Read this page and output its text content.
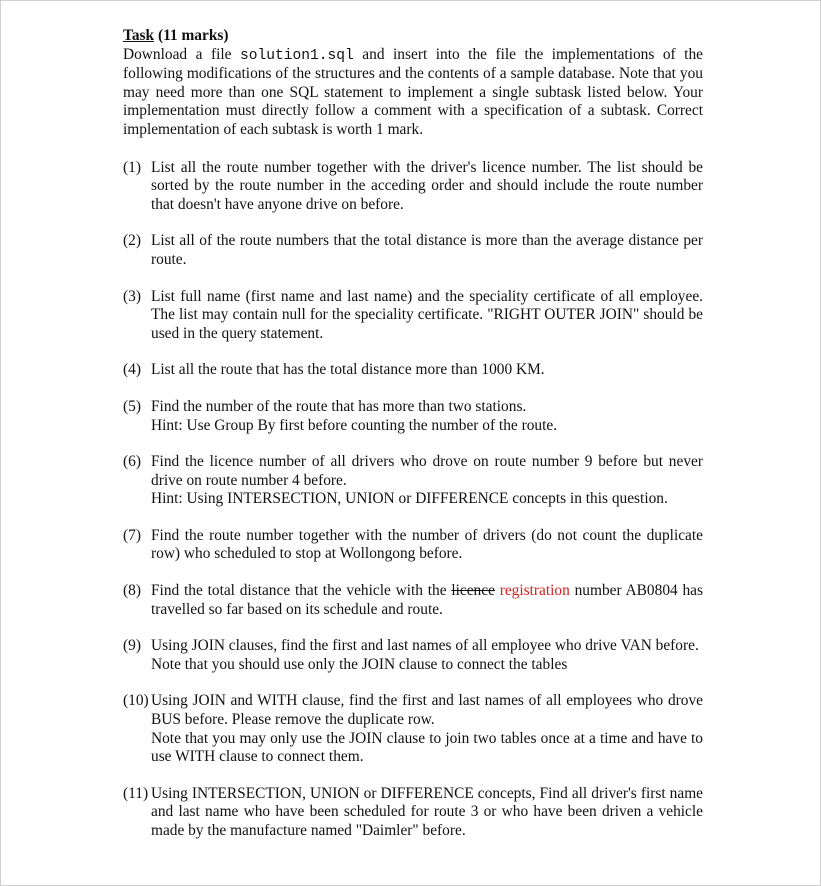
Task (11 marks)

Download a file solution1.sql and insert into the file the implementations of the following modifications of the structures and the contents of a sample database. Note that you may need more than one SQL statement to implement a single subtask listed below. Your implementation must directly follow a comment with a specification of a subtask. Correct implementation of each subtask is worth 1 mark.

(1) List all the route number together with the driver's licence number. The list should be sorted by the route number in the acceding order and should include the route number that doesn't have anyone drive on before.

(2) List all of the route numbers that the total distance is more than the average distance per route.

(3) List full name (first name and last name) and the speciality certificate of all employee. The list may contain null for the speciality certificate. "RIGHT OUTER JOIN" should be used in the query statement.

(4) List all the route that has the total distance more than 1000 KM.

(5) Find the number of the route that has more than two stations.

Hint: Use Group By first before counting the number of the route.

(6) Find the licence number of all drivers who drove on route number 9 before but never drive on route number 4 before.

Hint: Using INTERSECTION, UNION or DIFFERENCE concepts in this question.

(7) Find the route number together with the number of drivers (do not count the duplicate row) who scheduled to stop at Wollongong before.

(8) Find the total distance that the vehicle with the licence registration number AB0804 has travelled so far based on its schedule and route.

(9) Using JOIN clauses, find the first and last names of all employee who drive VAN before.

Note that you should use only the JOIN clause to connect the tables

(10) Using JOIN and WITH clause, find the first and last names of all employees who drove BUS before. Please remove the duplicate row.

Note that you may only use the JOIN clause to join two tables once at a time and have to use WITH clause to connect them.

(11) Using INTERSECTION, UNION or DIFFERENCE concepts, Find all driver's first name and last name who have been scheduled for route 3 or who have been driven a vehicle made by the manufacture named "Daimler" before.
